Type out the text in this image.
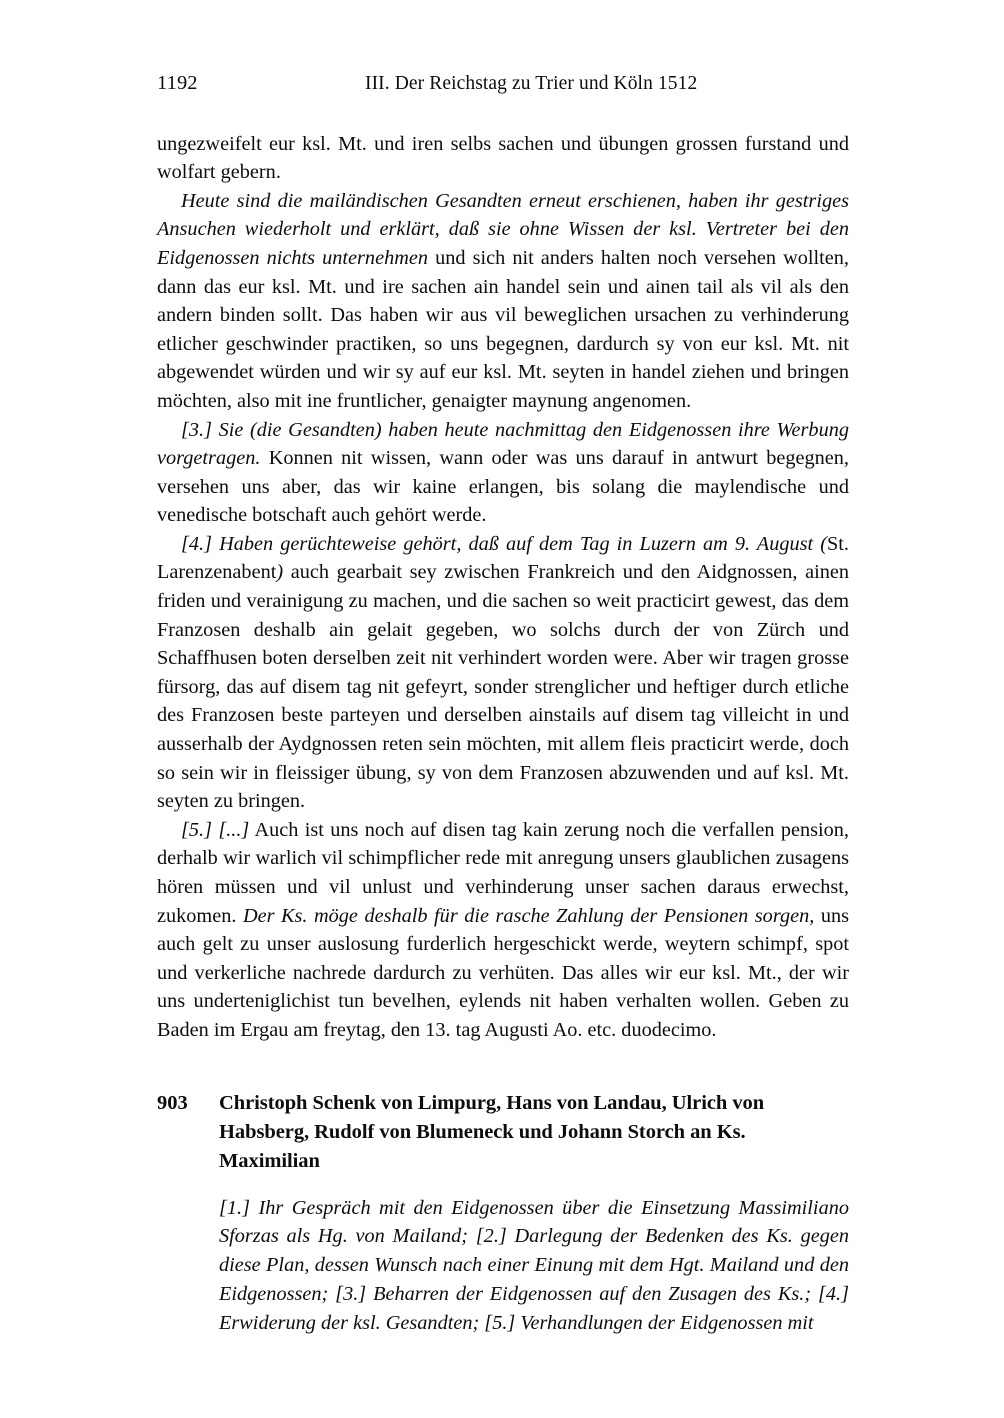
1192	III. Der Reichstag zu Trier und Köln 1512

ungezweifelt eur ksl. Mt. und iren selbs sachen und übungen grossen furstand und wolfart gebern.

Heute sind die mailändischen Gesandten erneut erschienen, haben ihr gestriges Ansuchen wiederholt und erklärt, daß sie ohne Wissen der ksl. Vertreter bei den Eidgenossen nichts unternehmen und sich nit anders halten noch versehen wollten, dann das eur ksl. Mt. und ire sachen ain handel sein und ainen tail als vil als den andern binden sollt. Das haben wir aus vil beweglichen ursachen zu verhinderung etlicher geschwinder practiken, so uns begegnen, dardurch sy von eur ksl. Mt. nit abgewendet würden und wir sy auf eur ksl. Mt. seyten in handel ziehen und bringen möchten, also mit ine fruntlicher, genaigter maynung angenomen.

[3.] Sie (die Gesandten) haben heute nachmittag den Eidgenossen ihre Werbung vorgetragen. Konnen nit wissen, wann oder was uns darauf in antwurt begegnen, versehen uns aber, das wir kaine erlangen, bis solang die maylendische und venedische botschaft auch gehört werde.

[4.] Haben gerüchteweise gehört, daß auf dem Tag in Luzern am 9. August (St. Larenzenabent) auch gearbait sey zwischen Frankreich und den Aidgnossen, ainen friden und verainigung zu machen, und die sachen so weit practicirt gewest, das dem Franzosen deshalb ain gelait gegeben, wo solchs durch der von Zürch und Schaffhusen boten derselben zeit nit verhindert worden were. Aber wir tragen grosse fürsorg, das auf disem tag nit gefeyrt, sonder strenglicher und heftiger durch etliche des Franzosen beste parteyen und derselben ainstails auf disem tag villeicht in und ausserhalb der Aydgnossen reten sein möchten, mit allem fleis practicirt werde, doch so sein wir in fleissiger übung, sy von dem Franzosen abzuwenden und auf ksl. Mt. seyten zu bringen.

[5.] [...] Auch ist uns noch auf disen tag kain zerung noch die verfallen pension, derhalb wir warlich vil schimpflicher rede mit anregung unsers glaublichen zusagens hören müssen und vil unlust und verhinderung unser sachen daraus erwechst, zukomen. Der Ks. möge deshalb für die rasche Zahlung der Pensionen sorgen, uns auch gelt zu unser auslosung furderlich hergeschickt werde, weytern schimpf, spot und verkerliche nachrede dardurch zu verhüten. Das alles wir eur ksl. Mt., der wir uns underteniglichist tun bevelhen, eylends nit haben verhalten wollen. Geben zu Baden im Ergau am freytag, den 13. tag Augusti Ao. etc. duodecimo.

903	Christoph Schenk von Limpurg, Hans von Landau, Ulrich von Habsberg, Rudolf von Blumeneck und Johann Storch an Ks. Maximilian

[1.] Ihr Gespräch mit den Eidgenossen über die Einsetzung Massimiliano Sforzas als Hg. von Mailand; [2.] Darlegung der Bedenken des Ks. gegen diese Plan, dessen Wunsch nach einer Einung mit dem Hgt. Mailand und den Eidgenossen; [3.] Beharren der Eidgenossen auf den Zusagen des Ks.; [4.] Erwiderung der ksl. Gesandten; [5.] Verhandlungen der Eidgenossen mit
